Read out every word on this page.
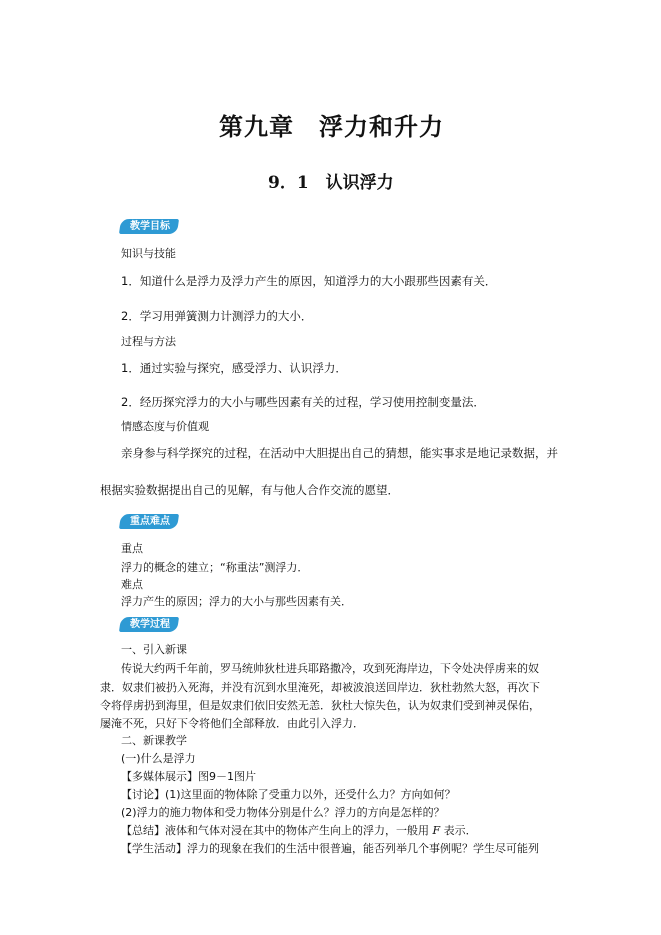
第九章　浮力和升力
9．1　认识浮力
教学目标
知识与技能
1．知道什么是浮力及浮力产生的原因，知道浮力的大小跟那些因素有关．
2．学习用弹簧测力计测浮力的大小．
过程与方法
1．通过实验与探究，感受浮力、认识浮力．
2．经历探究浮力的大小与哪些因素有关的过程，学习使用控制变量法．
情感态度与价值观
亲身参与科学探究的过程，在活动中大胆提出自己的猜想，能实事求是地记录数据，并
根据实验数据提出自己的见解，有与他人合作交流的愿望．
重点难点
重点
浮力的概念的建立；“称重法”测浮力．
难点
浮力产生的原因；浮力的大小与那些因素有关．
教学过程
一、引入新课
传说大约两千年前，罗马统帅狄杜进兵耶路撒冷，攻到死海岸边，下令处决俘虏来的奴
隶．奴隶们被扔入死海，并没有沉到水里淹死，却被波浪送回岸边．狄杜勃然大怒，再次下
令将俘虏扔到海里，但是奴隶们依旧安然无恙．狄杜大惊失色，认为奴隶们受到神灵保佑，
屡淹不死，只好下令将他们全部释放．由此引入浮力．
二、新课教学
(一)什么是浮力
【多媒体展示】图9－1图片
【讨论】(1)这里面的物体除了受重力以外，还受什么力？方向如何？
(2)浮力的施力物体和受力物体分别是什么？浮力的方向是怎样的？
【总结】液体和气体对浸在其中的物体产生向上的浮力，一般用 F 表示．
【学生活动】浮力的现象在我们的生活中很普遍，能否列举几个事例呢？学生尽可能列
